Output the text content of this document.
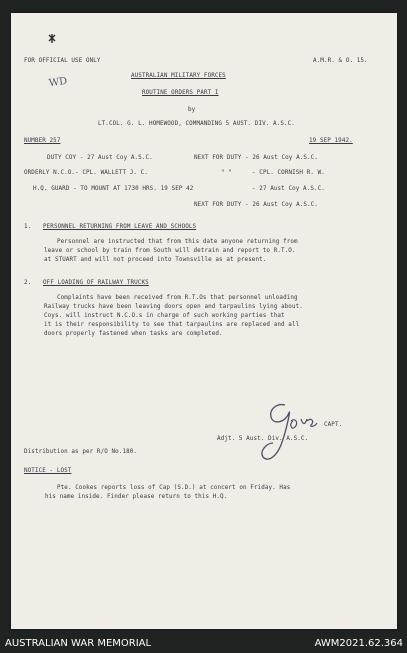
FOR OFFICIAL USE ONLY	A.M.R. & O. 15.
WD	AUSTRALIAN MILITARY FORCES
ROUTINE ORDERS PART I
by
LT.COL. G. L. HOMEWOOD, COMMANDING 5 AUST. DIV. A.S.C.
NUMBER 257	19 SEP 1942.
DUTY COY - 27 Aust Coy A.S.C.	NEXT FOR DUTY - 26 Aust Coy A.S.C.
ORDERLY N.C.O.- CPL. WALLETT J. C.	" "	- CPL. CORNISH R. W.
H.Q. GUARD - TO MOUNT AT 1730 HRS. 19 SEP 42	- 27 Aust Coy A.S.C.
NEXT FOR DUTY - 26 Aust Coy A.S.C.
1. PERSONNEL RETURNING FROM LEAVE AND SCHOOLS
Personnel are instructed that from this date anyone returning from
leave or school by train from South will detrain and report to R.T.O.
at STUART and will not proceed into Townsville as at present.
2. OFF LOADING OF RAILWAY TRUCKS
Complaints have been received from R.T.Os that personnel unloading
Railway trucks have been leaving doors open and tarpaulins lying about.
Coys. will instruct N.C.O.s in charge of such working parties that
it is their responsibility to see that tarpaulins are replaced and all
doors properly fastened when tasks are completed.
CAPT.
Adjt. 5 Aust. Div. A.S.C.
Distribution as per R/O No.180.
NOTICE - LOST
Pte. Cookes reports loss of Cap (S.D.) at concert on Friday. Has
his name inside. Finder please return to this H.Q.
AUSTRALIAN WAR MEMORIAL	AWM2021.62.364
